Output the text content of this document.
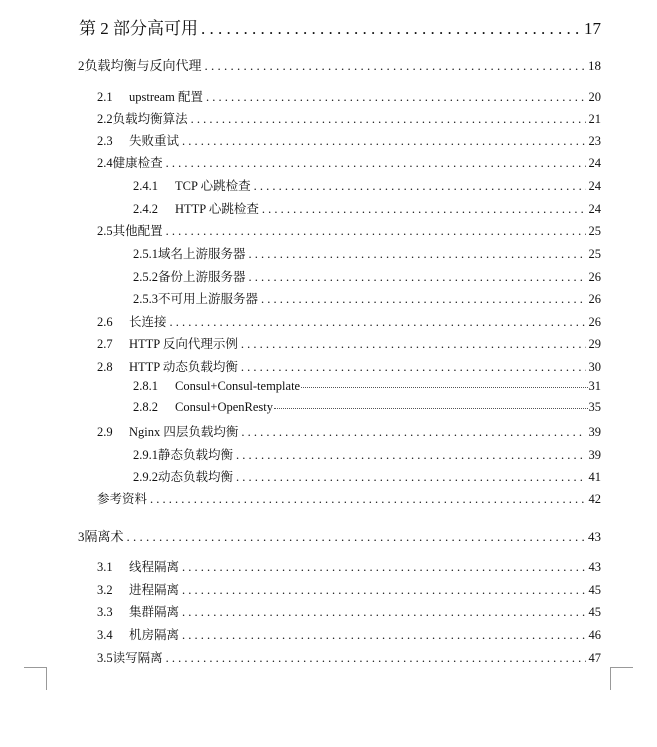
第 2 部分高可用 . . .	17
2负载均衡与反向代理 . . .	18
2.1 upstream 配置 . . .	20
2.2负载均衡算法 . . .	21
2.3 失败重试 . . .	23
2.4健康检查 . . .	24
2.4.1 TCP 心跳检查 . . .	24
2.4.2 HTTP 心跳检查 . . .	24
2.5其他配置 . . .	25
2.5.1域名上游服务器 . . .	25
2.5.2备份上游服务器 . . .	26
2.5.3不可用上游服务器 . . .	26
2.6 长连接 . . .	26
2.7 HTTP 反向代理示例 . . .	29
2.8 HTTP 动态负载均衡 . . .	30
2.8.1 Consul+Consul-template	31
2.8.2 Consul+OpenResty	35
2.9 Nginx 四层负载均衡 . . .	39
2.9.1静态负载均衡 . . .	39
2.9.2动态负载均衡 . . .	41
参考资料 . . .	42
3隔离术 . . .	43
3.1 线程隔离 . . .	43
3.2 进程隔离 . . .	45
3.3 集群隔离 . . .	45
3.4 机房隔离 . . .	46
3.5读写隔离 . . .	47
